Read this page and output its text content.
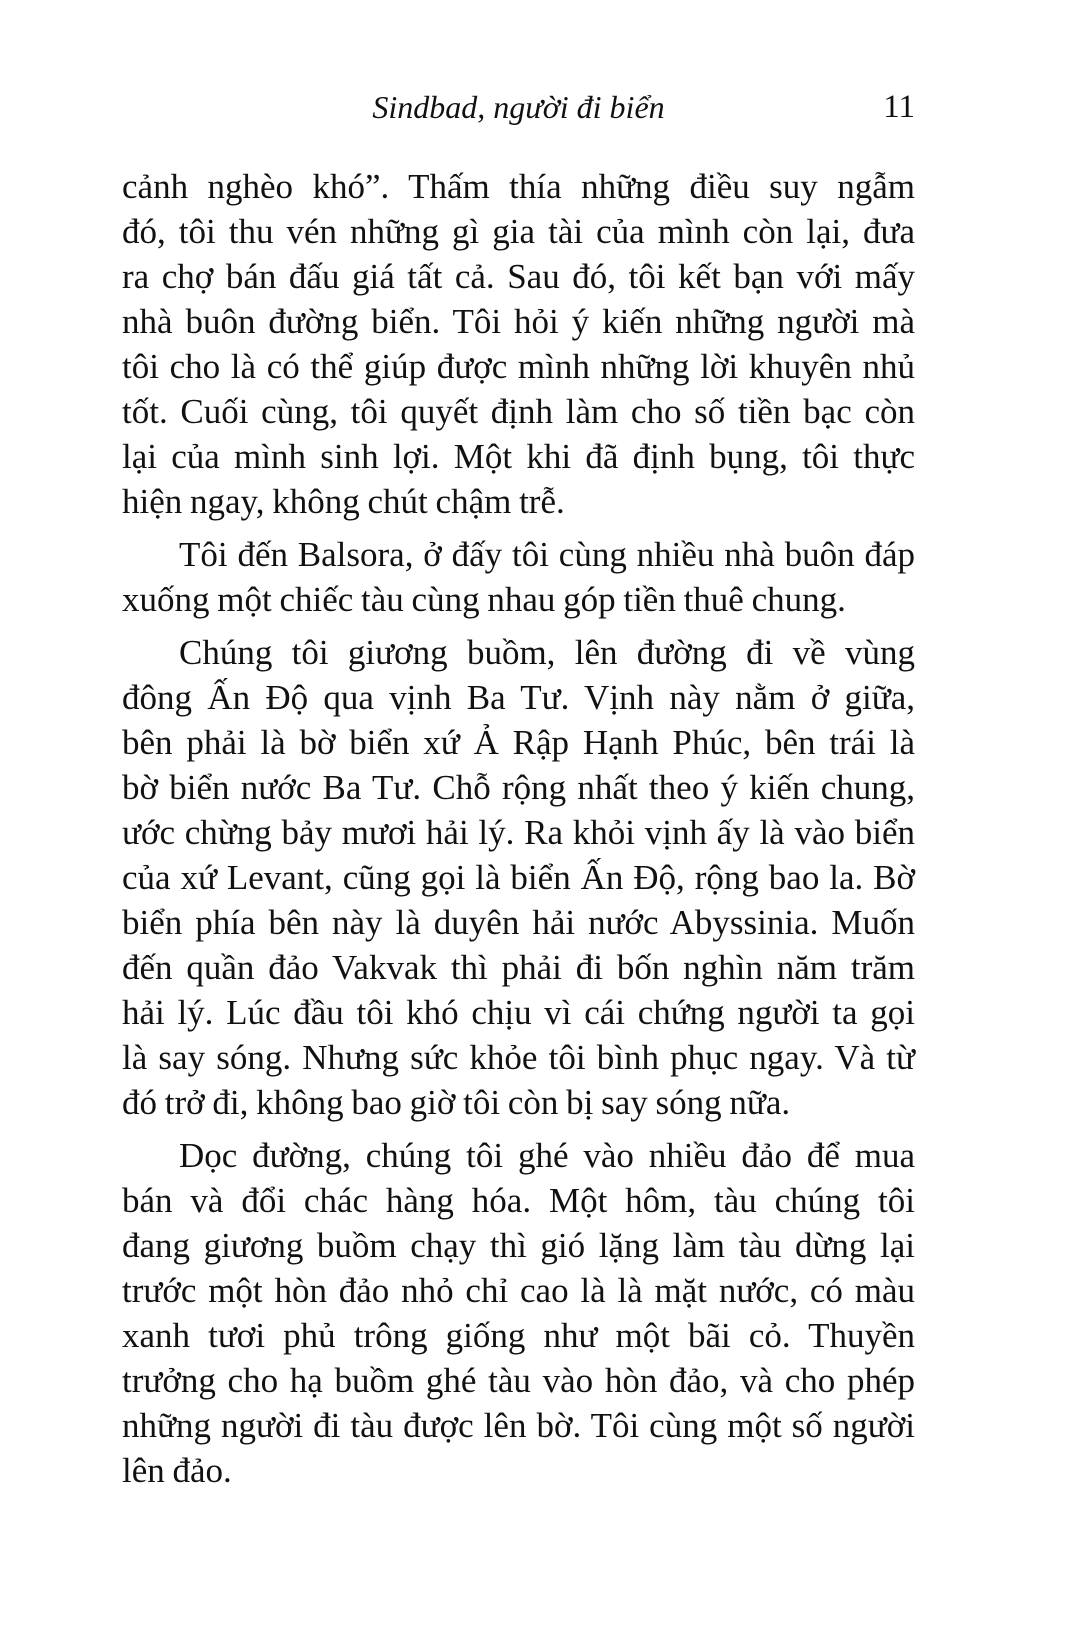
Sindbad, người đi biển	11
cảnh nghèo khó”. Thấm thía những điều suy ngẫm
đó, tôi thu vén những gì gia tài của mình còn lại, đưa
ra chợ bán đấu giá tất cả. Sau đó, tôi kết bạn với mấy
nhà buôn đường biển. Tôi hỏi ý kiến những người mà
tôi cho là có thể giúp được mình những lời khuyên nhủ
tốt. Cuối cùng, tôi quyết định làm cho số tiền bạc còn
lại của mình sinh lợi. Một khi đã định bụng, tôi thực
hiện ngay, không chút chậm trễ.
Tôi đến Balsora, ở đấy tôi cùng nhiều nhà buôn đáp
xuống một chiếc tàu cùng nhau góp tiền thuê chung.
Chúng tôi giương buồm, lên đường đi về vùng
đông Ấn Độ qua vịnh Ba Tư. Vịnh này nằm ở giữa,
bên phải là bờ biển xứ Ả Rập Hạnh Phúc, bên trái là
bờ biển nước Ba Tư. Chỗ rộng nhất theo ý kiến chung,
ước chừng bảy mươi hải lý. Ra khỏi vịnh ấy là vào biển
của xứ Levant, cũng gọi là biển Ấn Độ, rộng bao la. Bờ
biển phía bên này là duyên hải nước Abyssinia. Muốn
đến quần đảo Vakvak thì phải đi bốn nghìn năm trăm
hải lý. Lúc đầu tôi khó chịu vì cái chứng người ta gọi
là say sóng. Nhưng sức khỏe tôi bình phục ngay. Và từ
đó trở đi, không bao giờ tôi còn bị say sóng nữa.
Dọc đường, chúng tôi ghé vào nhiều đảo để mua
bán và đổi chác hàng hóa. Một hôm, tàu chúng tôi
đang giương buồm chạy thì gió lặng làm tàu dừng lại
trước một hòn đảo nhỏ chỉ cao là là mặt nước, có màu
xanh tươi phủ trông giống như một bãi cỏ. Thuyền
trưởng cho hạ buồm ghé tàu vào hòn đảo, và cho phép
những người đi tàu được lên bờ. Tôi cùng một số người
lên đảo.
